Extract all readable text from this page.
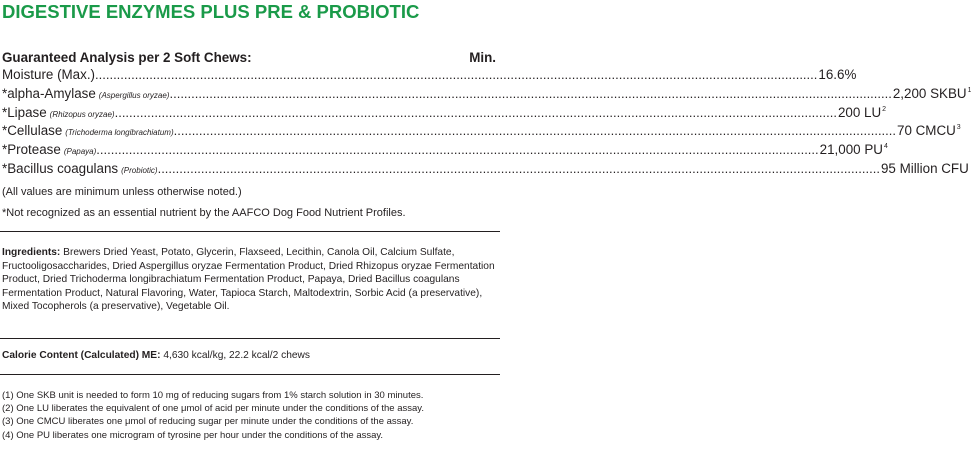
DIGESTIVE ENZYMES PLUS PRE & PROBIOTIC
Guaranteed Analysis per 2 Soft Chews:	Min.
Moisture (Max.) ........................................................................................................................................................................................................ 16.6%
*alpha-Amylase (Aspergillus oryzae) ........................................................................................................................................................................................................ 2,200 SKBU$^1$
*Lipase (Rhizopus oryzae) ........................................................................................................................................................................................................ 200 $LU^2$
*Cellulase (Trichoderma longibrachiatum) ........................................................................................................................................................................................................ 70 CMCU$^3$
*Protease (Papaya) ........................................................................................................................................................................................................ 21,000 $PU^4$
*Bacillus coagulans (Probiotic) ........................................................................................................................................................................................................ 95 Million CFU
(All values are minimum unless otherwise noted.)
*Not recognized as an essential nutrient by the AAFCO Dog Food Nutrient Profiles.
Ingredients: Brewers Dried Yeast, Potato, Glycerin, Flaxseed, Lecithin, Canola Oil, Calcium Sulfate, Fructooligosaccharides, Dried Aspergillus oryzae Fermentation Product, Dried Rhizopus oryzae Fermentation Product, Dried Trichoderma longibrachiatum Fermentation Product, Papaya, Dried Bacillus coagulans Fermentation Product, Natural Flavoring, Water, Tapioca Starch, Maltodextrin, Sorbic Acid (a preservative), Mixed Tocopherols (a preservative), Vegetable Oil.
Calorie Content (Calculated) ME: 4,630 kcal/kg, 22.2 kcal/2 chews
(1) One SKB unit is needed to form 10 mg of reducing sugars from 1% starch solution in 30 minutes.
(2) One LU liberates the equivalent of one μmol of acid per minute under the conditions of the assay.
(3) One CMCU liberates one μmol of reducing sugar per minute under the conditions of the assay.
(4) One PU liberates one microgram of tyrosine per hour under the conditions of the assay.
